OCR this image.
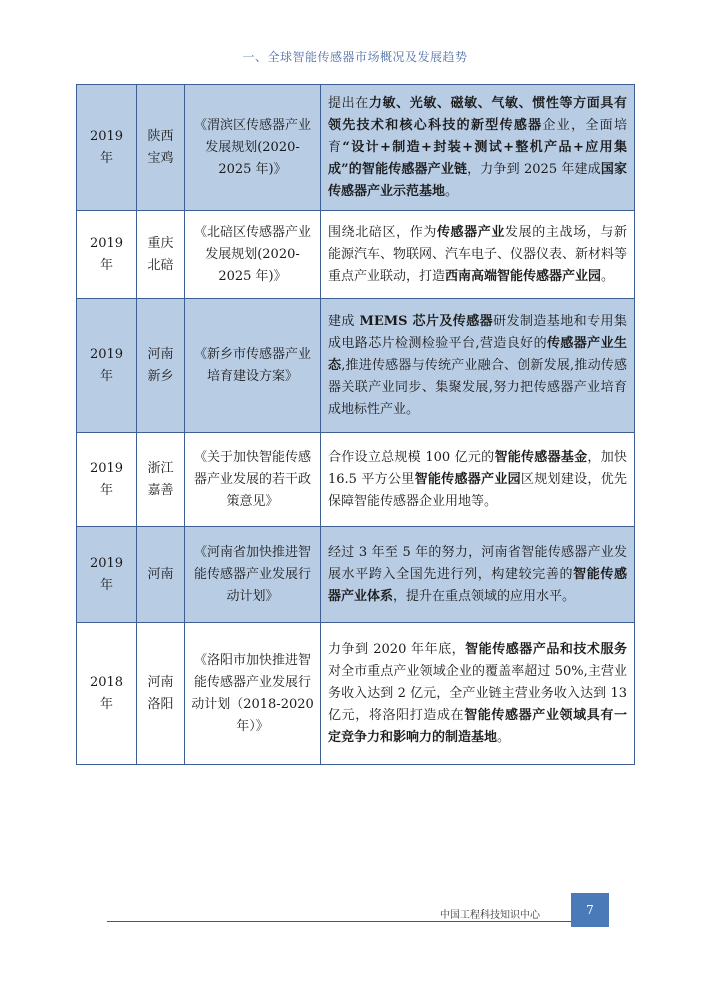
一、全球智能传感器市场概况及发展趋势
2019 年	陕西宝鸡	《渭滨区传感器产业发展规划(2020-2025 年)》	提出在力敏、光敏、磁敏、气敏、惯性等方面具有领先技术和核心科技的新型传感器企业，全面培育“设计+制造+封装+测试+整机产品+应用集成”的智能传感器产业链，力争到 2025 年建成国家传感器产业示范基地。
2019 年	重庆北碚	《北碚区传感器产业发展规划(2020-2025 年)》	围绕北碚区，作为传感器产业发展的主战场，与新能源汽车、物联网、汽车电子、仪器仪表、新材料等重点产业联动，打造西南高端智能传感器产业园。
2019 年	河南新乡	《新乡市传感器产业培育建设方案》	建成 MEMS 芯片及传感器研发制造基地和专用集成电路芯片检测检验平台,营造良好的传感器产业生态,推进传感器与传统产业融合、创新发展,推动传感器关联产业同步、集聚发展,努力把传感器产业培育成地标性产业。
2019 年	浙江嘉善	《关于加快智能传感器产业发展的若干政策意见》	合作设立总规模 100 亿元的智能传感器基金，加快 16.5 平方公里智能传感器产业园区规划建设，优先保障智能传感器企业用地等。
2019 年	河南	《河南省加快推进智能传感器产业发展行动计划》	经过 3 年至 5 年的努力，河南省智能传感器产业发展水平跨入全国先进行列，构建较完善的智能传感器产业体系，提升在重点领域的应用水平。
2018 年	河南洛阳	《洛阳市加快推进智能传感器产业发展行动计划（2018-2020 年）》	力争到 2020 年年底，智能传感器产品和技术服务对全市重点产业领域企业的覆盖率超过 50%,主营业务收入达到 2 亿元，全产业链主营业务收入达到 13 亿元，将洛阳打造成在智能传感器产业领域具有一定竞争力和影响力的制造基地。
中国工程科技知识中心	7
